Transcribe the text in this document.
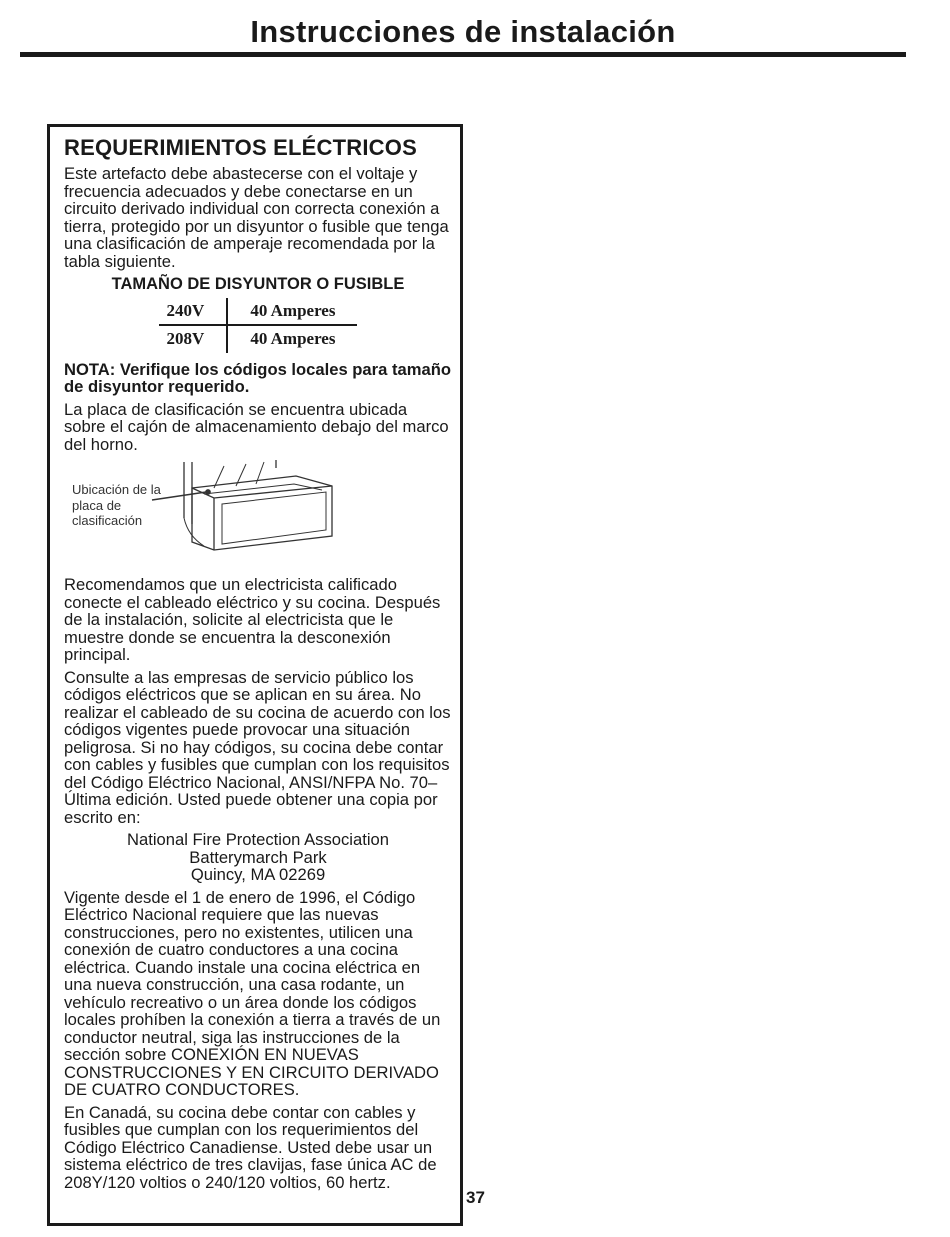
Instrucciones de instalación
REQUERIMIENTOS ELÉCTRICOS

Este artefacto debe abastecerse con el voltaje y frecuencia adecuados y debe conectarse en un circuito derivado individual con correcta conexión a tierra, protegido por un disyuntor o fusible que tenga una clasificación de amperaje recomendada por la tabla siguiente.

TAMAÑO DE DISYUNTOR O FUSIBLE
240V	40 Amperes
208V	40 Amperes

NOTA: Verifique los códigos locales para tamaño de disyuntor requerido.

La placa de clasificación se encuentra ubicada sobre el cajón de almacenamiento debajo del marco del horno.

Ubicación de la placa de clasificación

Recomendamos que un electricista calificado conecte el cableado eléctrico y su cocina. Después de la instalación, solicite al electricista que le muestre donde se encuentra la desconexión principal.

Consulte a las empresas de servicio público los códigos eléctricos que se aplican en su área. No realizar el cableado de su cocina de acuerdo con los códigos vigentes puede provocar una situación peligrosa. Si no hay códigos, su cocina debe contar con cables y fusibles que cumplan con los requisitos del Código Eléctrico Nacional, ANSI/NFPA No. 70–Última edición. Usted puede obtener una copia por escrito en:

National Fire Protection Association

Batterymarch Park

Quincy, MA 02269

Vigente desde el 1 de enero de 1996, el Código Eléctrico Nacional requiere que las nuevas construcciones, pero no existentes, utilicen una conexión de cuatro conductores a una cocina eléctrica. Cuando instale una cocina eléctrica en una nueva construcción, una casa rodante, un vehículo recreativo o un área donde los códigos locales prohíben la conexión a tierra a través de un conductor neutral, siga las instrucciones de la sección sobre CONEXIÓN EN NUEVAS CONSTRUCCIONES Y EN CIRCUITO DERIVADO DE CUATRO CONDUCTORES.

En Canadá, su cocina debe contar con cables y fusibles que cumplan con los requerimientos del Código Eléctrico Canadiense. Usted debe usar un sistema eléctrico de tres clavijas, fase única AC de 208Y/120 voltios o 240/120 voltios, 60 hertz.

37
